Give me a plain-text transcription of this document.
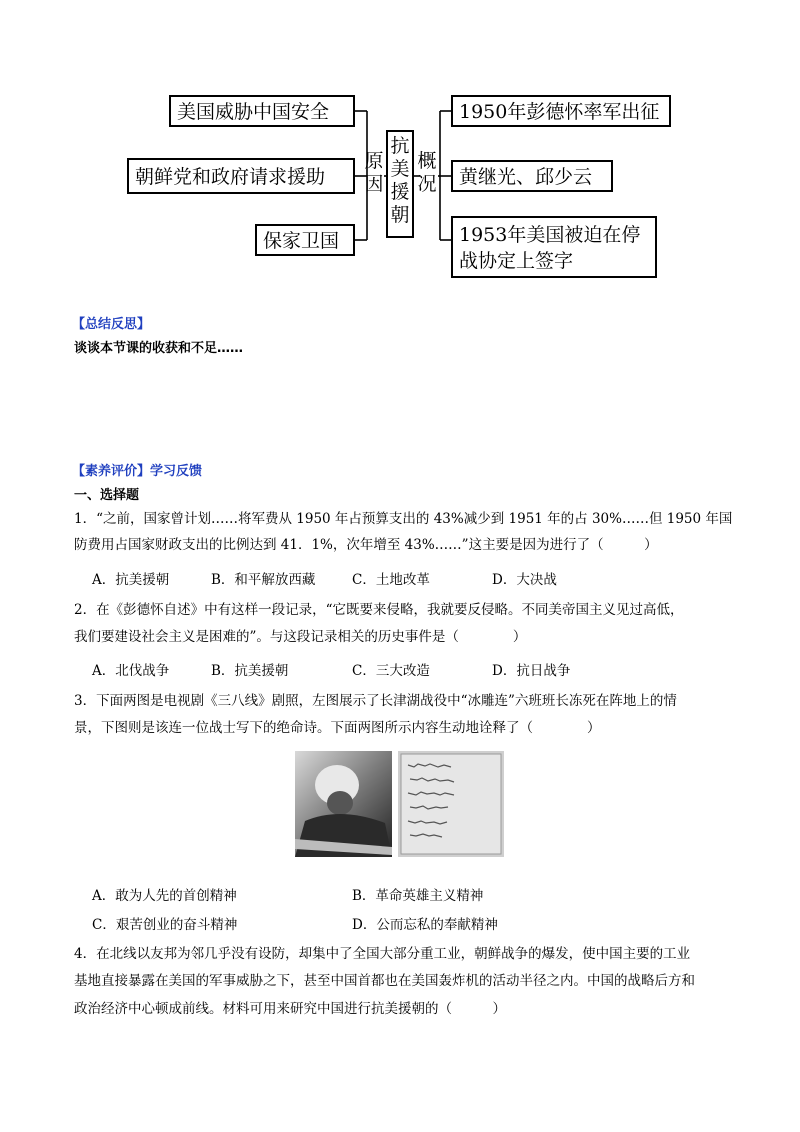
美国威胁中国安全
朝鲜党和政府请求援助
保家卫国
原因
抗美援朝
概况
1950年彭德怀率军出征
黄继光、邱少云
1953年美国被迫在停战协定上签字
【总结反思】
谈谈本节课的收获和不足……
【素养评价】学习反馈
一、选择题
1．“之前，国家曾计划……将军费从 1950 年占预算支出的 43%减少到 1951 年的占 30%……但 1950 年国
防费用占国家财政支出的比例达到 41．1%，次年增至 43%……”这主要是因为进行了（　　　）
A．抗美援朝	B．和平解放西藏	C．土地改革	D．大决战
2．在《彭德怀自述》中有这样一段记录，“它既要来侵略，我就要反侵略。不同美帝国主义见过高低，
我们要建设社会主义是困难的”。与这段记录相关的历史事件是（　　　　）
A．北伐战争	B．抗美援朝	C．三大改造	D．抗日战争
3．下面两图是电视剧《三八线》剧照，左图展示了长津湖战役中“冰雕连”六班班长冻死在阵地上的情
景，下图则是该连一位战士写下的绝命诗。下面两图所示内容生动地诠释了（　　　　）
A．敢为人先的首创精神	B．革命英雄主义精神
C．艰苦创业的奋斗精神	D．公而忘私的奉献精神
4．在北线以友邦为邻几乎没有设防，却集中了全国大部分重工业，朝鲜战争的爆发，使中国主要的工业
基地直接暴露在美国的军事威胁之下，甚至中国首都也在美国轰炸机的活动半径之内。中国的战略后方和
政治经济中心顿成前线。材料可用来研究中国进行抗美援朝的（　　　）
